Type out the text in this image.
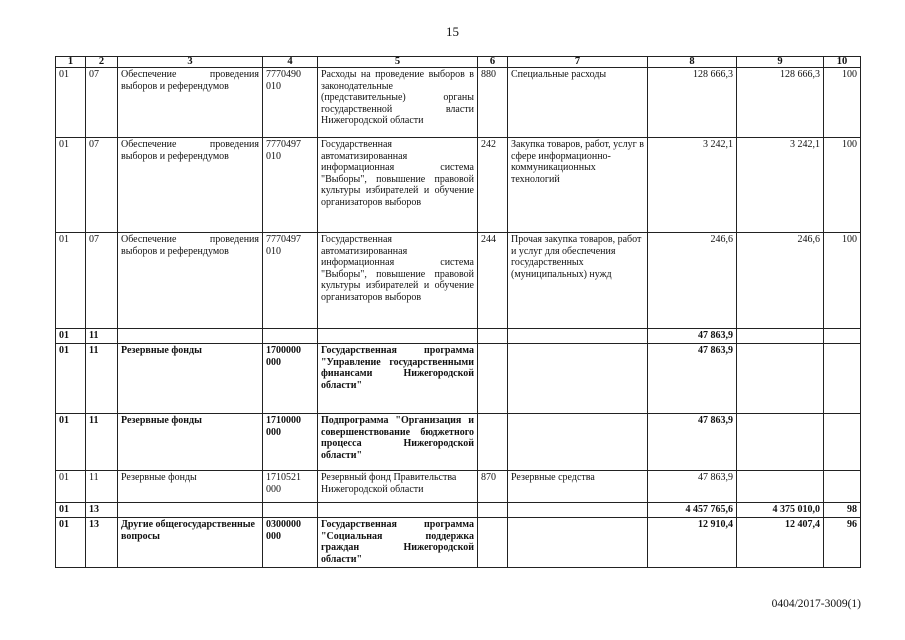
15
1	2	3	4	5	6	7	8	9	10
01	07	Обеспечение проведения выборов и референдумов	7770490 010	Расходы на проведение выборов в законодательные (представительные) органы государственной власти Нижегородской области	880	Специальные расходы	128 666,3	128 666,3	100
01	07	Обеспечение проведения выборов и референдумов	7770497 010	Государственная автоматизированная информационная система "Выборы", повышение правовой культуры избирателей и обучение организаторов выборов	242	Закупка товаров, работ, услуг в сфере информационно-коммуникационных технологий	3 242,1	3 242,1	100
01	07	Обеспечение проведения выборов и референдумов	7770497 010	Государственная автоматизированная информационная система "Выборы", повышение правовой культуры избирателей и обучение организаторов выборов	244	Прочая закупка товаров, работ и услуг для обеспечения государственных (муниципальных) нужд	246,6	246,6	100
01	11						47 863,9		
01	11	Резервные фонды	1700000 000	Государственная программа "Управление государственными финансами Нижегородской области"			47 863,9		
01	11	Резервные фонды	1710000 000	Подпрограмма "Организация и совершенствование бюджетного процесса Нижегородской области"			47 863,9		
01	11	Резервные фонды	1710521 000	Резервный фонд Правительства Нижегородской области	870	Резервные средства	47 863,9		
01	13						4 457 765,6	4 375 010,0	98
01	13	Другие общегосударственные вопросы	0300000 000	Государственная программа "Социальная поддержка граждан Нижегородской области"			12 910,4	12 407,4	96
0404/2017-3009(1)
